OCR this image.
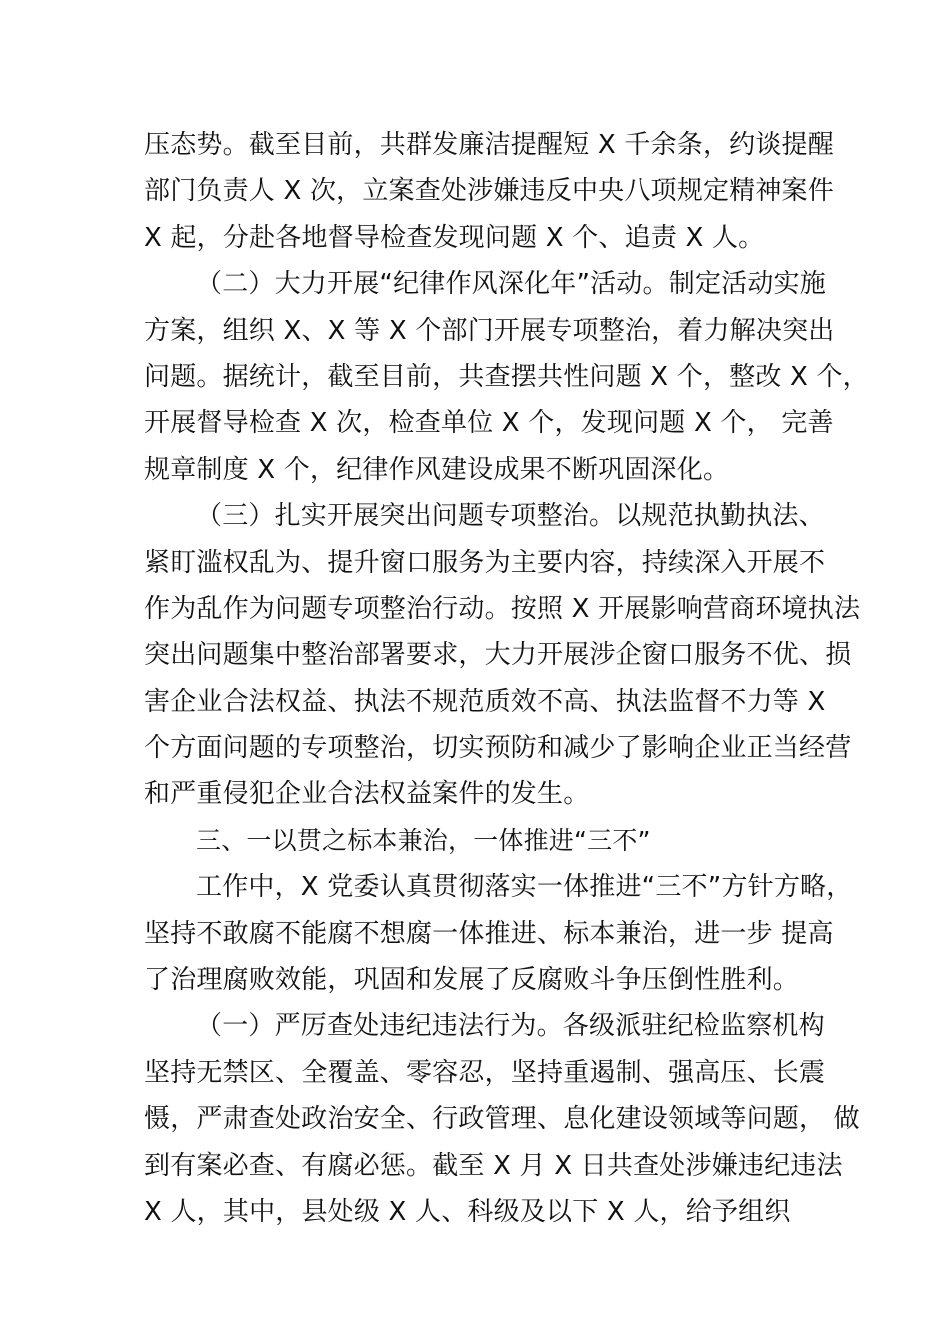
压态势。截至目前，共群发廉洁提醒短 X 千余条，约谈提醒
部门负责人 X 次，立案查处涉嫌违反中央八项规定精神案件
X 起，分赴各地督导检查发现问题 X 个、追责 X 人。
（二）大力开展“纪律作风深化年”活动。制定活动实施
方案，组织 X、X 等 X 个部门开展专项整治，着力解决突出
问题。据统计，截至目前，共查摆共性问题 X 个，整改 X 个，
开展督导检查 X 次，检查单位 X 个，发现问题 X 个， 完善
规章制度 X 个，纪律作风建设成果不断巩固深化。
（三）扎实开展突出问题专项整治。以规范执勤执法、
紧盯滥权乱为、提升窗口服务为主要内容，持续深入开展不
作为乱作为问题专项整治行动。按照 X 开展影响营商环境执法
突出问题集中整治部署要求，大力开展涉企窗口服务不优、损
害企业合法权益、执法不规范质效不高、执法监督不力等 X
个方面问题的专项整治，切实预防和减少了影响企业正当经营
和严重侵犯企业合法权益案件的发生。
三、一以贯之标本兼治，一体推进“三不”
工作中，X 党委认真贯彻落实一体推进“三不”方针方略，
坚持不敢腐不能腐不想腐一体推进、标本兼治，进一步 提高
了治理腐败效能，巩固和发展了反腐败斗争压倒性胜利。
（一）严厉查处违纪违法行为。各级派驻纪检监察机构
坚持无禁区、全覆盖、零容忍，坚持重遏制、强高压、长震
慑，严肃查处政治安全、行政管理、息化建设领域等问题， 做
到有案必查、有腐必惩。截至 X 月 X 日共查处涉嫌违纪违法
X 人，其中，县处级 X 人、科级及以下 X 人，给予组织
